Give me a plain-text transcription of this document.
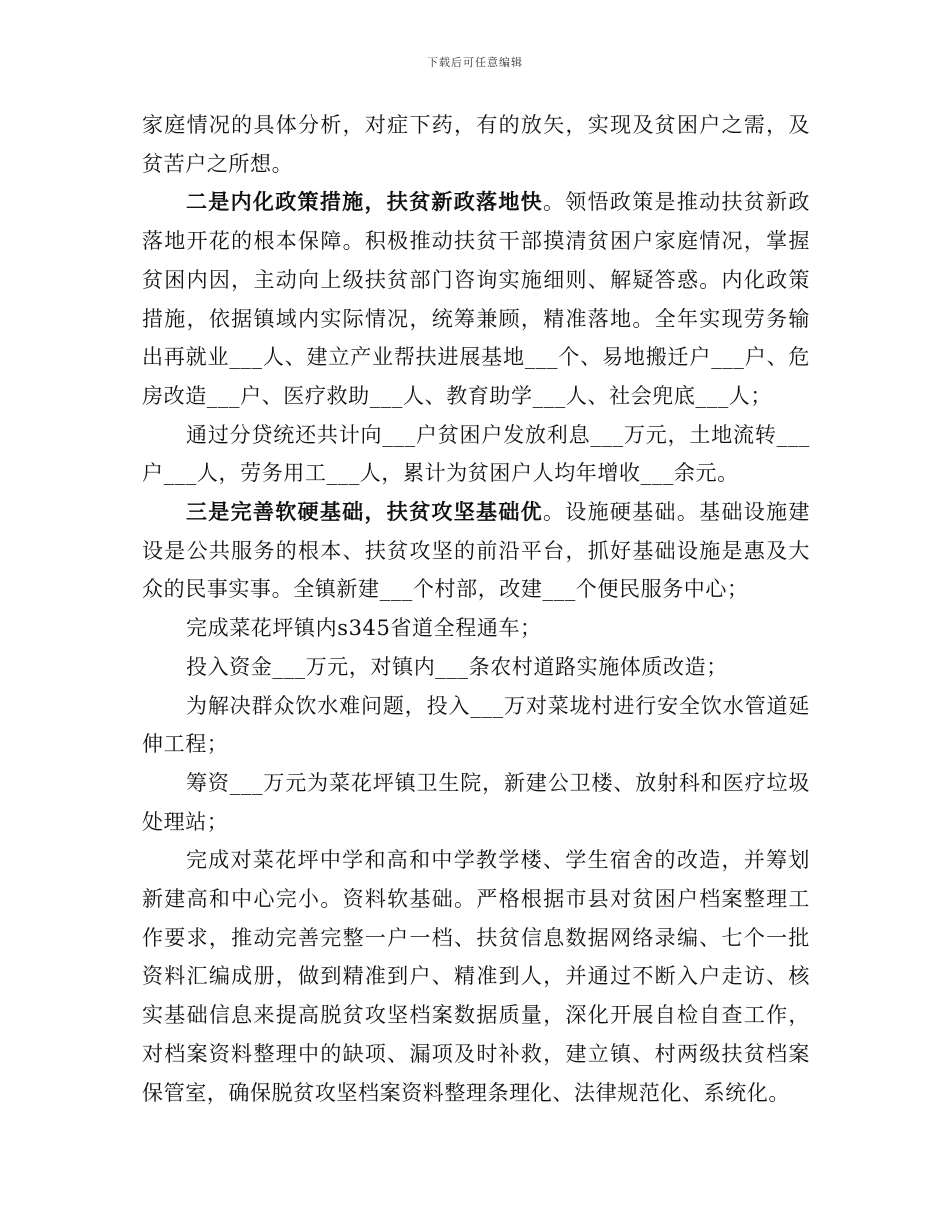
下载后可任意编辑

家庭情况的具体分析，对症下药，有的放矢，实现及贫困户之需，及贫苦户之所想。

二是内化政策措施，扶贫新政落地快。领悟政策是推动扶贫新政落地开花的根本保障。积极推动扶贫干部摸清贫困户家庭情况，掌握贫困内因，主动向上级扶贫部门咨询实施细则、解疑答惑。内化政策措施，依据镇域内实际情况，统筹兼顾，精准落地。全年实现劳务输出再就业___人、建立产业帮扶进展基地___个、易地搬迁户___户、危房改造___户、医疗救助___人、教育助学___人、社会兜底___人；

通过分贷统还共计向___户贫困户发放利息___万元，土地流转___户___人，劳务用工___人，累计为贫困户人均年增收___余元。

三是完善软硬基础，扶贫攻坚基础优。设施硬基础。基础设施建设是公共服务的根本、扶贫攻坚的前沿平台，抓好基础设施是惠及大众的民事实事。全镇新建___个村部，改建___个便民服务中心；

完成菜花坪镇内s345省道全程通车；

投入资金___万元，对镇内___条农村道路实施体质改造；

为解决群众饮水难问题，投入___万对菜垅村进行安全饮水管道延伸工程；

筹资___万元为菜花坪镇卫生院，新建公卫楼、放射科和医疗垃圾处理站；

完成对菜花坪中学和高和中学教学楼、学生宿舍的改造，并筹划新建高和中心完小。资料软基础。严格根据市县对贫困户档案整理工作要求，推动完善完整一户一档、扶贫信息数据网络录编、七个一批资料汇编成册，做到精准到户、精准到人，并通过不断入户走访、核实基础信息来提高脱贫攻坚档案数据质量，深化开展自检自查工作，对档案资料整理中的缺项、漏项及时补救，建立镇、村两级扶贫档案保管室，确保脱贫攻坚档案资料整理条理化、法律规范化、系统化。
